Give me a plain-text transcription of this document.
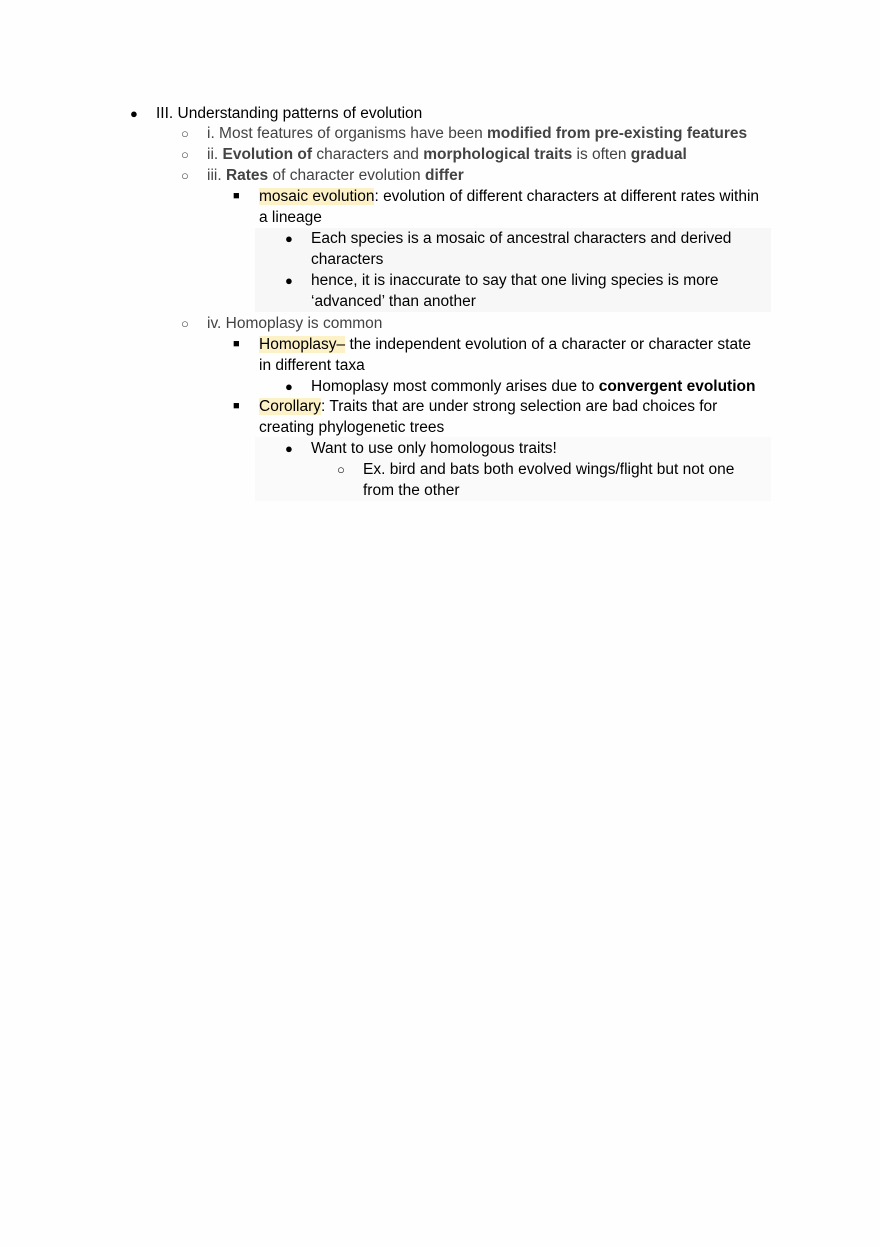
● III. Understanding patterns of evolution
○ i. Most features of organisms have been modified from pre-existing features
○ ii. Evolution of characters and morphological traits is often gradual
○ iii. Rates of character evolution differ
■ mosaic evolution: evolution of different characters at different rates within
a lineage
● Each species is a mosaic of ancestral characters and derived
characters
● hence, it is inaccurate to say that one living species is more
‘advanced’ than another
○ iv. Homoplasy is common
■ Homoplasy– the independent evolution of a character or character state
in different taxa
● Homoplasy most commonly arises due to convergent evolution
■ Corollary: Traits that are under strong selection are bad choices for
creating phylogenetic trees
● Want to use only homologous traits!
○ Ex. bird and bats both evolved wings/flight but not one
from the other
